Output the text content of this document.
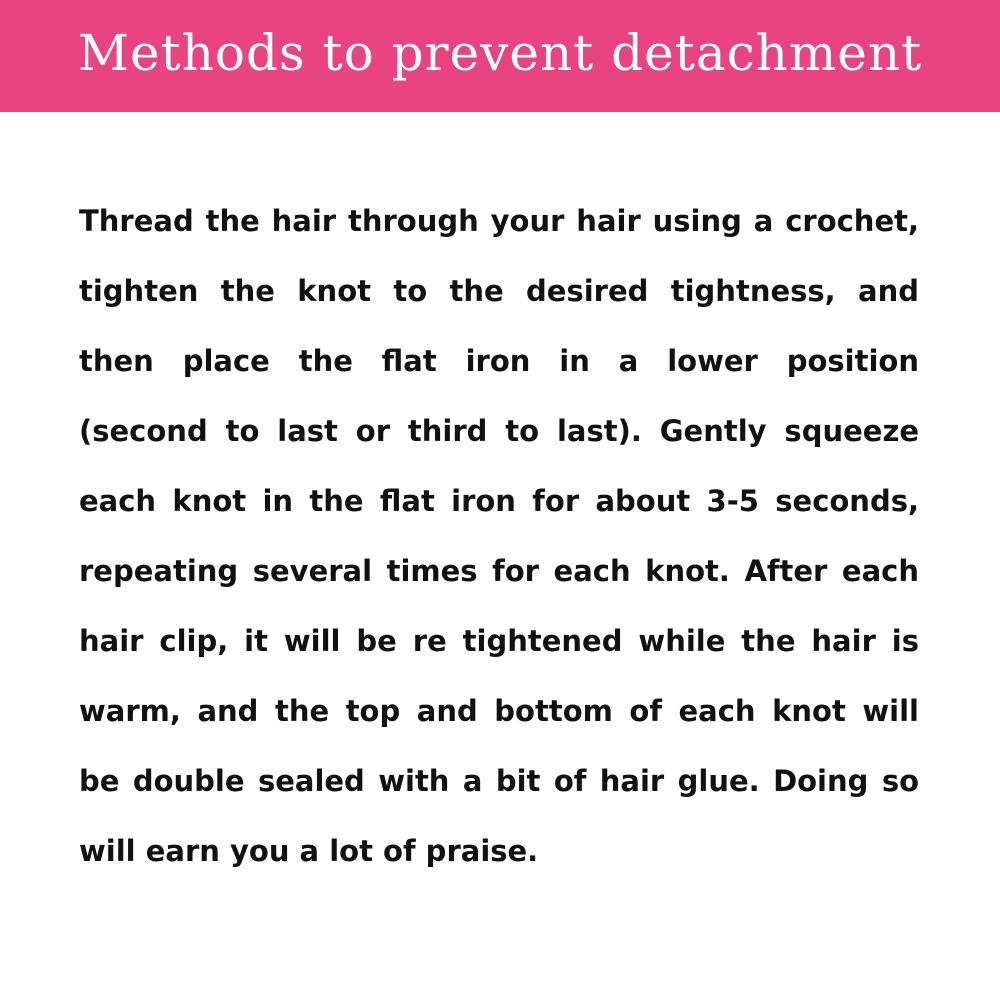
Methods to prevent detachment
Thread the hair through your hair using a crochet,
tighten the knot to the desired tightness, and
then place the flat iron in a lower position
(second to last or third to last). Gently squeeze
each knot in the flat iron for about 3-5 seconds,
repeating several times for each knot. After each
hair clip, it will be re tightened while the hair is
warm, and the top and bottom of each knot will
be double sealed with a bit of hair glue. Doing so
will earn you a lot of praise.
